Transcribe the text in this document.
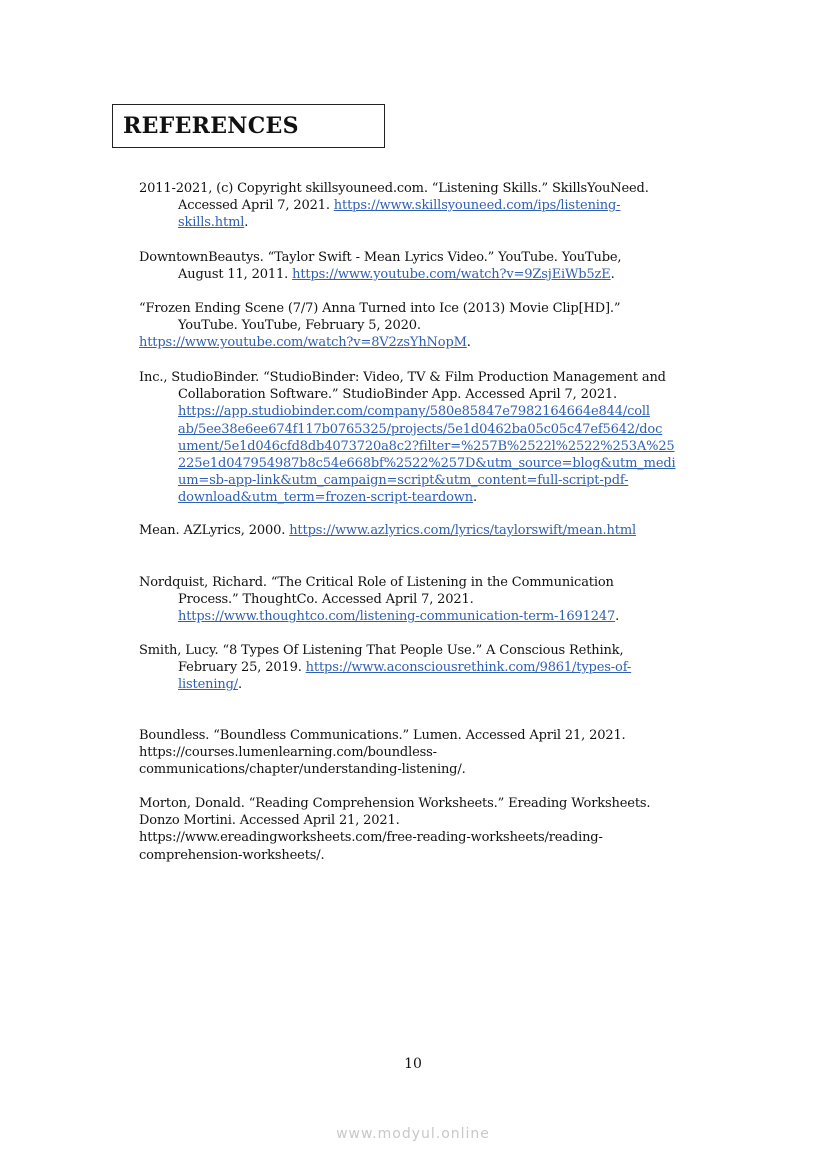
REFERENCES
2011-2021, (c) Copyright skillsyouneed.com. “Listening Skills.” SkillsYouNeed.
Accessed April 7, 2021. https://www.skillsyouneed.com/ips/listening-
skills.html.
DowntownBeautys. “Taylor Swift - Mean Lyrics Video.” YouTube. YouTube,
August 11, 2011. https://www.youtube.com/watch?v=9ZsjEiWb5zE.
“Frozen Ending Scene (7/7) Anna Turned into Ice (2013) Movie Clip[HD].”
YouTube. YouTube, February 5, 2020.
https://www.youtube.com/watch?v=8V2zsYhNopM.
Inc., StudioBinder. “StudioBinder: Video, TV & Film Production Management and
Collaboration Software.” StudioBinder App. Accessed April 7, 2021.
https://app.studiobinder.com/company/580e85847e7982164664e844/coll
ab/5ee38e6ee674f117b0765325/projects/5e1d0462ba05c05c47ef5642/doc
ument/5e1d046cfd8db4073720a8c2?filter=%257B%2522l%2522%253A%25
225e1d047954987b8c54e668bf%2522%257D&utm_source=blog&utm_medi
um=sb-app-link&utm_campaign=script&utm_content=full-script-pdf-
download&utm_term=frozen-script-teardown.
Mean. AZLyrics, 2000. https://www.azlyrics.com/lyrics/taylorswift/mean.html
Nordquist, Richard. “The Critical Role of Listening in the Communication
Process.” ThoughtCo. Accessed April 7, 2021.
https://www.thoughtco.com/listening-communication-term-1691247.
Smith, Lucy. “8 Types Of Listening That People Use.” A Conscious Rethink,
February 25, 2019. https://www.aconsciousrethink.com/9861/types-of-
listening/.
Boundless. “Boundless Communications.” Lumen. Accessed April 21, 2021.
https://courses.lumenlearning.com/boundless-
communications/chapter/understanding-listening/.
Morton, Donald. “Reading Comprehension Worksheets.” Ereading Worksheets.
Donzo Mortini. Accessed April 21, 2021.
https://www.ereadingworksheets.com/free-reading-worksheets/reading-
comprehension-worksheets/.
10
www.modyul.online
